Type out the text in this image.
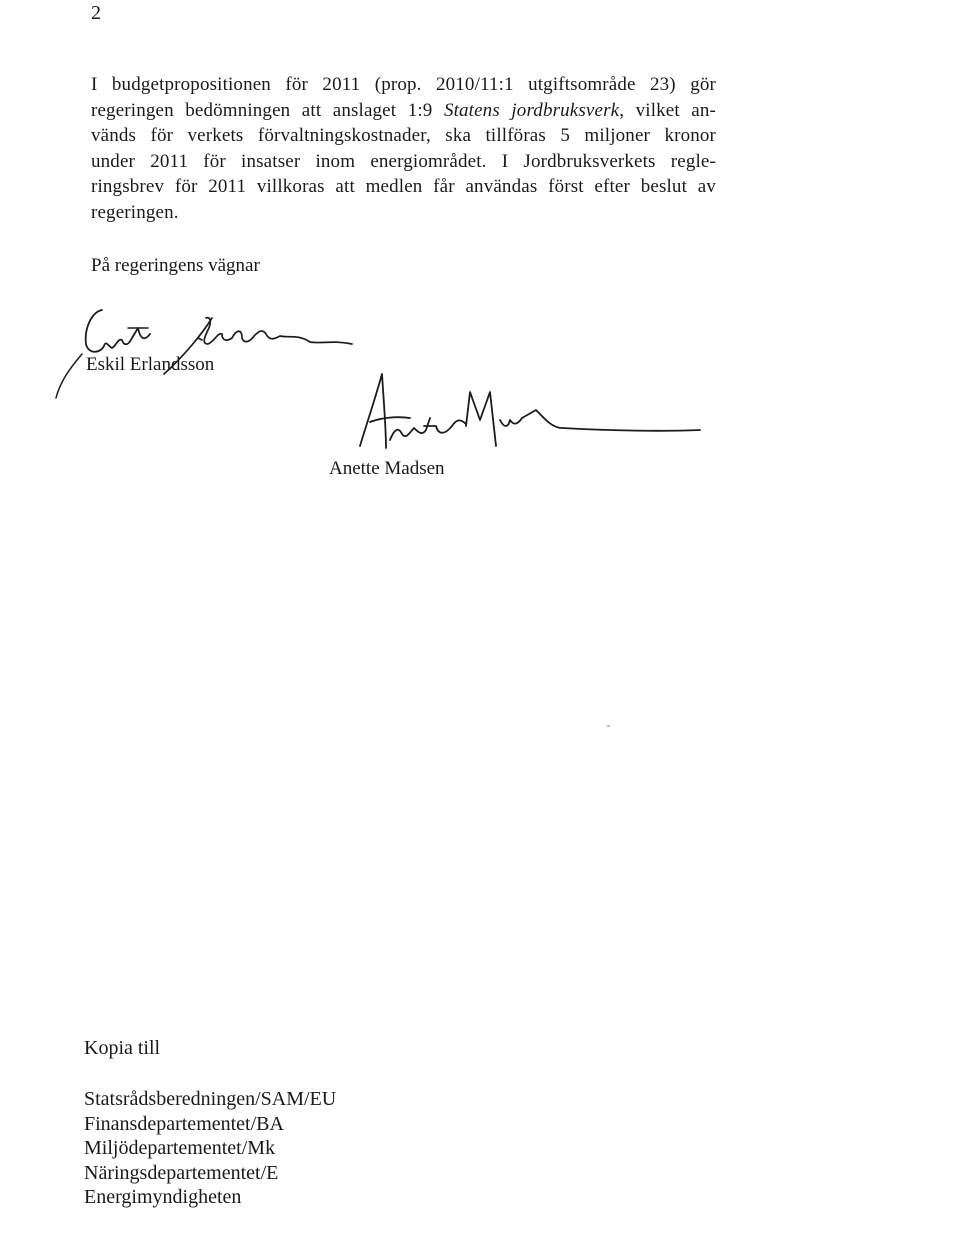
2
I budgetpropositionen för 2011 (prop. 2010/11:1 utgiftsområde 23) gör
regeringen bedömningen att anslaget 1:9 Statens jordbruksverk, vilket an-
vänds för verkets förvaltningskostnader, ska tillföras 5 miljoner kronor
under 2011 för insatser inom energiområdet. I Jordbruksverkets regle-
ringsbrev för 2011 villkoras att medlen får användas först efter beslut av
regeringen.
På regeringens vägnar
Eskil Erlandsson
Anette Madsen
Kopia till
Statsrådsberedningen/SAM/EU
Finansdepartementet/BA
Miljödepartementet/Mk
Näringsdepartementet/E
Energimyndigheten
